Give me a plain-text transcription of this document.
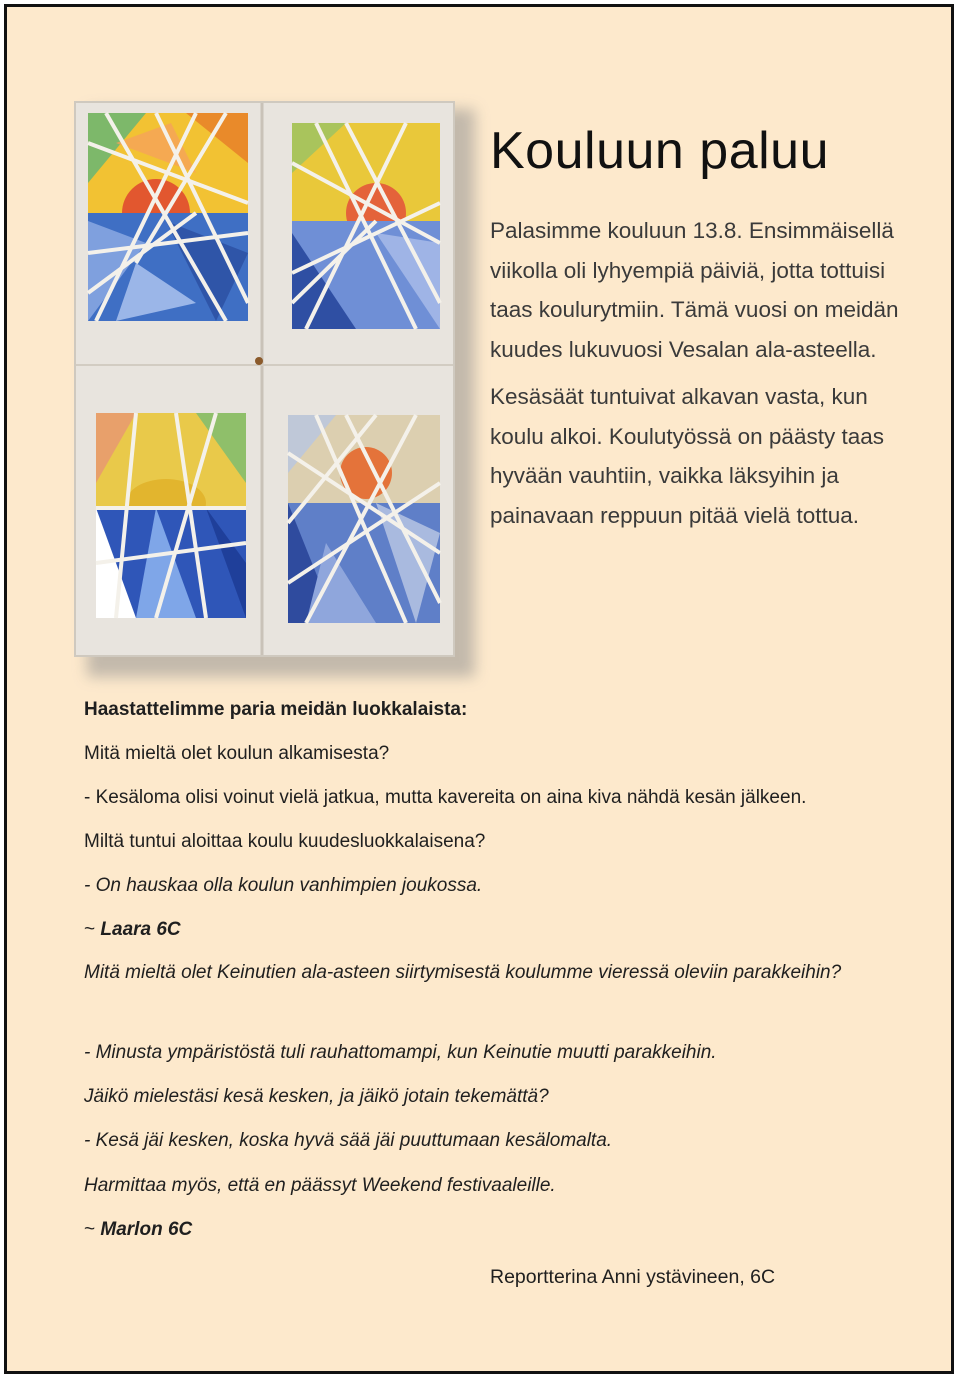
Kouluun paluu

Palasimme kouluun 13.8. Ensimmäisellä viikolla oli lyhyempiä päiviä, jotta tottuisi taas koulurytmiin. Tämä vuosi on meidän kuudes lukuvuosi Vesalan ala-asteella.

Kesäsäät tuntuivat alkavan vasta, kun koulu alkoi. Koulutyössä on päästy taas hyvään vauhtiin, vaikka läksyihin ja painavaan reppuun pitää vielä tottua.

Haastattelimme paria meidän luokkalaista:

Mitä mieltä olet koulun alkamisesta?

- Kesäloma olisi voinut vielä jatkua, mutta kavereita on aina kiva nähdä kesän jälkeen.

Miltä tuntui aloittaa koulu kuudesluokkalaisena?

- On hauskaa olla koulun vanhimpien joukossa.

~ Laara 6C

Mitä mieltä olet Keinutien ala-asteen siirtymisestä koulumme vieressä oleviin parakkeihin?

- Minusta ympäristöstä tuli rauhattomampi, kun Keinutie muutti parakkeihin.

Jäikö mielestäsi kesä kesken, ja jäikö jotain tekemättä?

- Kesä jäi kesken, koska hyvä sää jäi puuttumaan kesälomalta.

Harmittaa myös, että en päässyt Weekend festivaaleille.

~ Marlon 6C

Reportterina Anni ystävineen, 6C
